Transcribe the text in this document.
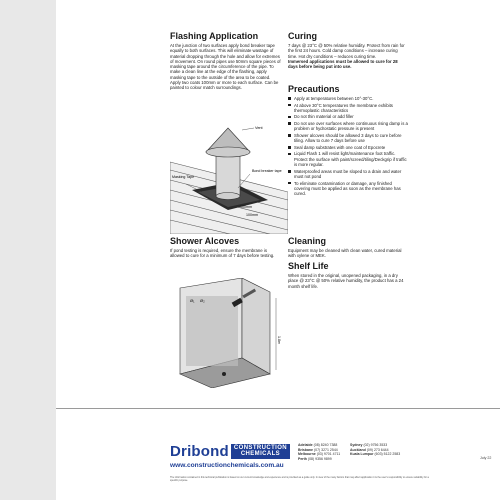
Flashing Application

At the junction of two surfaces apply bond breaker tape equally to both surfaces. This will eliminate wastage of material dropping through the hole and allow for extremes of movement. On round pipes use 50mm square pieces of masking tape around the circumference of the pipe. To make a clean line at the edge of the flashing, apply masking tape to the outside of the area to be coated. Apply two coats 100mm or more to each surface. Can be painted to colour match surroundings.

Vent
Masking Tape
Bond breaker tape
100mm
100mm
Shower Alcoves

If pond testing is required, ensure the membrane is allowed to cure for a minimum of 7 days before testing.

Ø₁ Ø₂
1.8m
Curing

7 days @ 23°C @ 50% relative humidity. Protect from rain for the first 24 hours. Cold damp conditions – increase curing time. Hot dry conditions – reduces curing time.

Immersed applications must be allowed to cure for 28 days before being put into use.

Precautions
Apply at temperatures between 10°-30°C.
At above 30°C temperatures the membrane exhibits thermoplastic characteristics
Do not thin material or add filler
Do not use over surfaces where continuous rising damp is a problem or hydrostatic pressure is present
Shower alcoves should be allowed 3 days to cure before tiling. Allow to cure 7 days before use
Seal damp substrates with one coat of Epocrete
Liquid Flash 1 will resist light/maintenance foot traffic. Protect the surface with paint/screed/tiling/Deckgrip if traffic is more regular.
Waterproofed areas must be sloped to a drain and water must not pond
To eliminate contamination or damage, any finished covering must be applied as soon as the membrane has cured.
Cleaning

Equipment may be cleaned with clean water, cured material with xylene or MEK.

Shelf Life

When stored in the original, unopened packaging, in a dry place @ 23°C @ 50% relative humidity, the product has a 24 month shelf life.

Dribond CONSTRUCTION
CHEMICALS
www.constructionchemicals.com.au
Adelaide (08) 8240 7388
Brisbane (07) 3271 2544
Melbourne (03) 9701 4711
Perth (08) 9356 9899
Sydney (02) 9756 3533
Auckland (09) 273 6444
Kuala Lumpur (603) 5122 2583
July 22
The information contained in this technical publication is based on our current knowledge and experience and is provided as a guide only. In view of the many factors that may affect application it is the user's responsibility to ensure suitability for a specific purpose.
